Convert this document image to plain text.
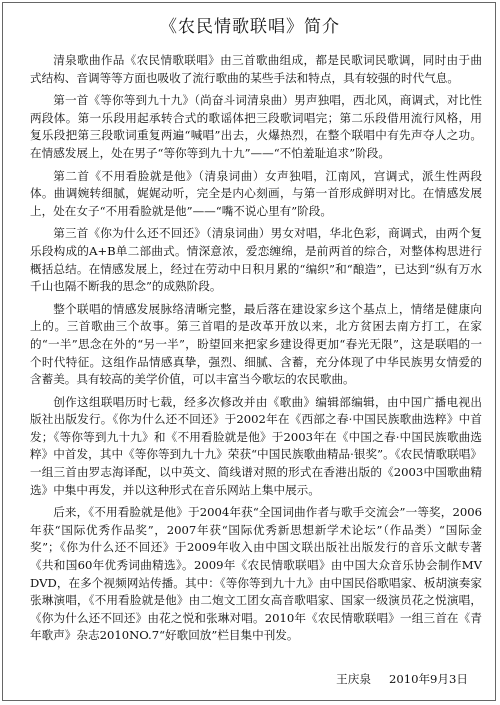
《农民情歌联唱》简介

清泉歌曲作品《农民情歌联唱》由三首歌曲组成，都是民歌词民歌调，同时由于曲式结构、音调等等方面也吸收了流行歌曲的某些手法和特点，具有较强的时代气息。

第一首《等你等到九十九》（尚奋斗词清泉曲）男声独唱，西北风，商调式，对比性两段体。第一乐段用起承转合式的歌谣体把三段歌词唱完；第二乐段借用流行风格，用复乐段把第三段歌词重复两遍“喊唱”出去，火爆热烈，在整个联唱中有先声夺人之功。在情感发展上，处在男子“等你等到九十九”——“不怕羞耻追求”阶段。

第二首《不用看脸就是他》（清泉词曲）女声独唱，江南风，宫调式，派生性两段体。曲调婉转细腻，娓娓动听，完全是内心刻画，与第一首形成鲜明对比。在情感发展上，处在女子“不用看脸就是他”——“嘴不说心里有”阶段。

第三首《你为什么还不回还》（清泉词曲）男女对唱，华北色彩，商调式，由两个复乐段构成的A+B单二部曲式。情深意浓，爱恋缠绵，是前两首的综合，对整体构思进行概括总结。在情感发展上，经过在劳动中日积月累的“编织”和“酿造”，已达到“纵有万水千山也隔不断我的思念”的成熟阶段。

整个联唱的情感发展脉络清晰完整，最后落在建设家乡这个基点上，情绪是健康向上的。三首歌曲三个故事。第三首唱的是改革开放以来，北方贫困去南方打工，在家的“一半”思念在外的“另一半”，盼望回来把家乡建设得更加“春光无限”，这是联唱的一个时代特征。这组作品情感真挚，强烈、细腻、含蓄，充分体现了中华民族男女情爱的含蓄美。具有较高的美学价值，可以丰富当今歌坛的农民歌曲。

创作这组联唱历时七载，经多次修改并由《歌曲》编辑部编辑，由中国广播电视出版社出版发行。《你为什么还不回还》于2002年在《西部之春·中国民族歌曲选粹》中首发；《等你等到九十九》和《不用看脸就是他》于2003年在《中国之春·中国民族歌曲选粹》中首发，其中《等你等到九十九》荣获“中国民族歌曲精品·银奖”。《农民情歌联唱》一组三首由罗志海译配，以中英文、简线谱对照的形式在香港出版的《2003中国歌曲精选》中集中再发，并以这种形式在音乐网站上集中展示。

后来，《不用看脸就是他》于2004年获“全国词曲作者与歌手交流会”一等奖，2006年获“国际优秀作品奖”，2007年获“国际优秀新思想新学术论坛”（作品类）“国际金奖”；《你为什么还不回还》于2009年收入由中国文联出版社出版发行的音乐文献专著《共和国60年优秀词曲精选》。2009年《农民情歌联唱》由中国大众音乐协会制作MV DVD，在多个视频网站传播。其中：《等你等到九十九》由中国民俗歌唱家、板胡演奏家张琳演唱，《不用看脸就是他》由二炮文工团女高音歌唱家、国家一级演员花之悦演唱，《你为什么还不回还》由花之悦和张琳对唱。2010年《农民情歌联唱》一组三首在《青年歌声》杂志2010NO.7“好歌回放”栏目集中刊发。

王庆泉 2010年9月3日
